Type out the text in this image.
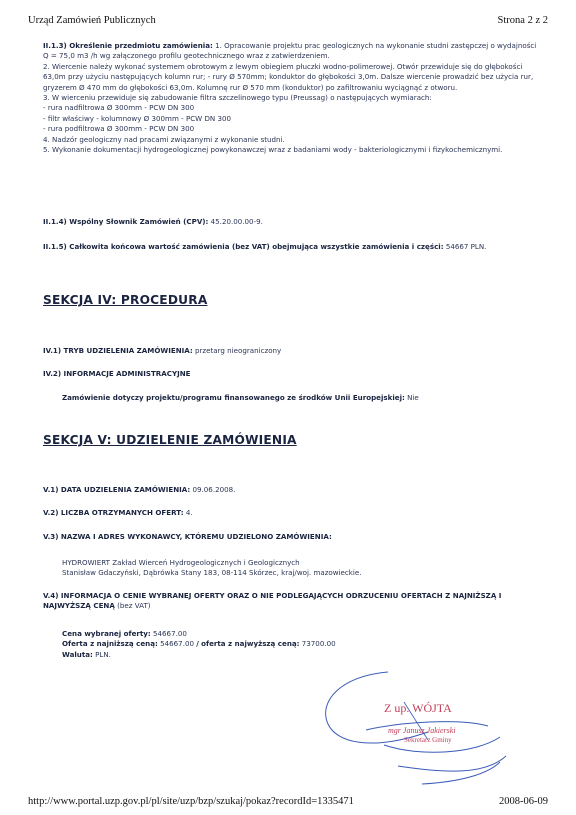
Urząd Zamówień Publicznych	Strona 2 z 2

II.1.3) Określenie przedmiotu zamówienia: 1. Opracowanie projektu prac geologicznych na wykonanie studni zastępczej o wydajności Q = 75,0 m3 /h wg załączonego profilu geotechnicznego wraz z zatwierdzeniem.

2. Wiercenie należy wykonać systemem obrotowym z lewym obiegiem płuczki wodno-polimerowej. Otwór przewiduje się do głębokości 63,0m przy użyciu następujących kolumn rur; - rury Ø 570mm; konduktor do głębokości 3,0m. Dalsze wiercenie prowadzić bez użycia rur, gryzerem Ø 470 mm do głębokości 63,0m. Kolumnę rur Ø 570 mm (konduktor) po zafiltrowaniu wyciągnąć z otworu.

3. W wierceniu przewiduje się zabudowanie filtra szczelinowego typu (Preussag) o następujących wymiarach:

- rura nadfiltrowa Ø 300mm - PCW DN 300

- filtr właściwy - kolumnowy Ø 300mm - PCW DN 300

- rura podfiltrowa Ø 300mm - PCW DN 300

4. Nadzór geologiczny nad pracami związanymi z wykonanie studni.

5. Wykonanie dokumentacji hydrogeologicznej powykonawczej wraz z badaniami wody - bakteriologicznymi i fizykochemicznymi.

II.1.4) Wspólny Słownik Zamówień (CPV): 45.20.00.00-9.
II.1.5) Całkowita końcowa wartość zamówienia (bez VAT) obejmująca wszystkie zamówienia i części: 54667 PLN.
SEKCJA IV: PROCEDURA
IV.1) TRYB UDZIELENIA ZAMÓWIENIA: przetarg nieograniczony
IV.2) INFORMACJE ADMINISTRACYJNE
Zamówienie dotyczy projektu/programu finansowanego ze środków Unii Europejskiej: Nie
SEKCJA V: UDZIELENIE ZAMÓWIENIA
V.1) DATA UDZIELENIA ZAMÓWIENIA: 09.06.2008.
V.2) LICZBA OTRZYMANYCH OFERT: 4.
V.3) NAZWA I ADRES WYKONAWCY, KTÓREMU UDZIELONO ZAMÓWIENIA:
HYDROWIERT Zakład Wierceń Hydrogeologicznych i Geologicznych
Stanisław Gdaczyński, Dąbrówka Stany 183, 08-114 Skórzec, kraj/woj. mazowieckie.
V.4) INFORMACJA O CENIE WYBRANEJ OFERTY ORAZ O NIE PODLEGAJĄCYCH ODRZUCENIU OFERTACH Z NAJNIŻSZĄ I NAJWYŻSZĄ CENĄ (bez VAT)
Cena wybranej oferty: 54667.00
Oferta z najniższą ceną: 54667.00 / oferta z najwyższą ceną: 73700.00
Waluta: PLN.
Z up. WÓJTA
mgr Janusz Jakierski
Sekretarz Gminy
http://www.portal.uzp.gov.pl/pl/site/uzp/bzp/szukaj/pokaz?recordId=1335471	2008-06-09
